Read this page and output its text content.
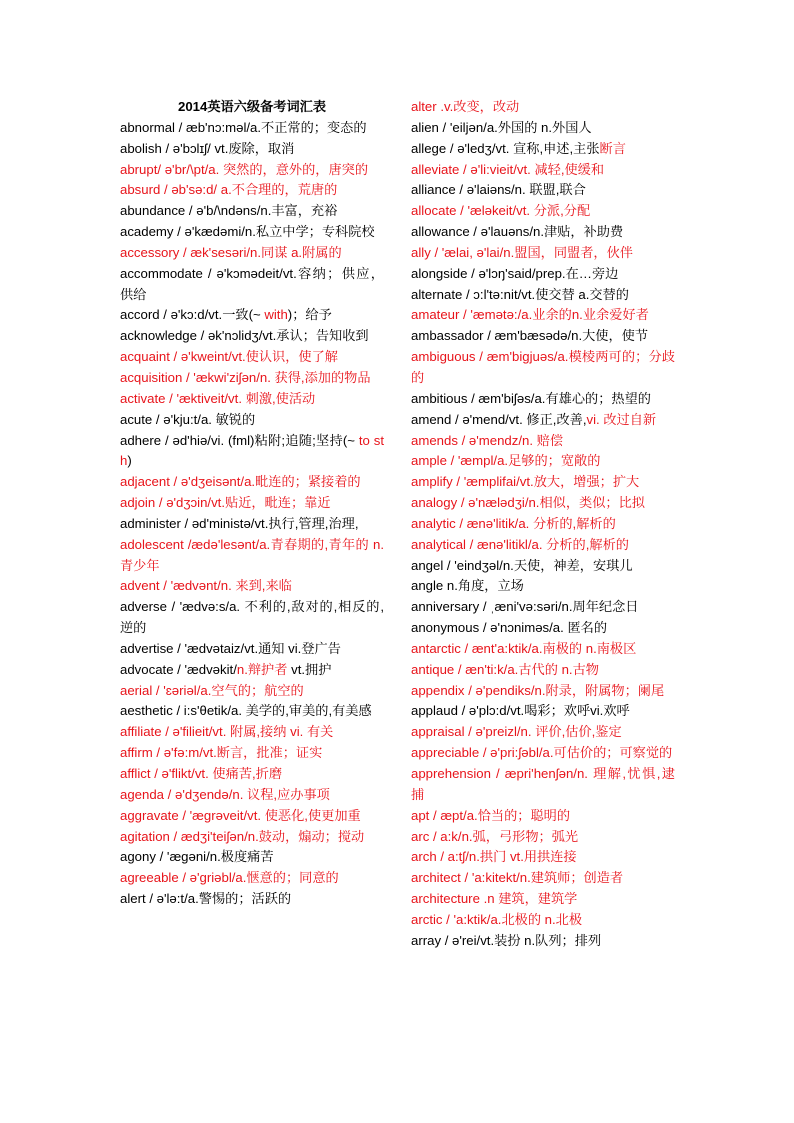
2014英语六级备考词汇表
abnormal / æb'nɔ:məl/a.不正常的；变态的
abolish / ə'bɔlɪʃ/ vt.废除，取消
abrupt/ ə'br/\pt/a. 突然的，意外的，唐突的
absurd / əb'sə:d/ a.不合理的，荒唐的
abundance / ə'b/\ndəns/n.丰富，充裕
academy / ə'kædəmi/n.私立中学；专科院校
accessory / æk'sesəri/n.同谋 a.附属的
accommodate / ə'kɔmədeit/vt.容纳；供应，供给
accord / ə'kɔ:d/vt.一致(~ with)；给予
acknowledge / ək'nɔlidʒ/vt.承认；告知收到
acquaint / ə'kweint/vt.使认识，使了解
acquisition / 'ækwi'ziʃən/n. 获得,添加的物品
activate / 'æktiveit/vt. 刺激,使活动
acute / ə'kju:t/a. 敏锐的
adhere / əd'hiə/vi. (fml)粘附;追随;坚持(~ to sth)
adjacent / ə'dʒeisənt/a.毗连的；紧接着的
adjoin / ə'dʒɔin/vt.贴近，毗连；靠近
administer / əd'ministə/vt.执行,管理,治理,
adolescent /ædə'lesənt/a.青春期的,青年的 n.青少年
advent / 'ædvənt/n. 来到,来临
adverse / 'ædvə:s/a. 不利的,敌对的,相反的,逆的
advertise / 'ædvətaiz/vt.通知 vi.登广告
advocate / 'ædvəkit/n.辩护者 vt.拥护
aerial / 'ɛəriəl/a.空气的；航空的
aesthetic / i:s'θetik/a. 美学的,审美的,有美感
affiliate / ə'filieit/vt. 附属,接纳 vi. 有关
affirm / ə'fə:m/vt.断言，批准；证实
afflict / ə'flikt/vt. 使痛苦,折磨
agenda / ə'dʒendə/n. 议程,应办事项
aggravate / 'ægrəveit/vt. 使恶化,使更加重
agitation / ædʒi'teiʃən/n.鼓动，煽动；搅动
agony / 'ægəni/n.极度痛苦
agreeable / ə'griəbl/a.惬意的；同意的
alert / ə'lə:t/a.警惕的；活跃的
alter .v.改变，改动
alien / 'eiljən/a.外国的 n.外国人
allege / ə'ledʒ/vt. 宣称,申述,主张断言
alleviate / ə'li:vieit/vt. 减轻,使缓和
alliance / ə'laiəns/n. 联盟,联合
allocate / 'æləkeit/vt. 分派,分配
allowance / ə'lauəns/n.津贴，补助费
ally / 'ælai, ə'lai/n.盟国，同盟者，伙伴
alongside / ə'lɔŋ'said/prep.在…旁边
alternate / ɔ:l'tə:nit/vt.使交替 a.交替的
amateur / 'æmətə:/a.业余的n.业余爱好者
ambassador / æm'bæsədə/n.大使，使节
ambiguous / æm'bigjuəs/a.模棱两可的；分歧的
ambitious / æm'biʃəs/a.有雄心的；热望的
amend / ə'mend/vt. 修正,改善,vi. 改过自新
amends / ə'mendz/n. 赔偿
ample / 'æmpl/a.足够的；宽敞的
amplify / 'æmplifai/vt.放大，增强；扩大
analogy / ə'nælədʒi/n.相似，类似；比拟
analytic / ænə'litik/a. 分析的,解析的
analytical / ænə'litikl/a. 分析的,解析的
angel / 'eindʒəl/n.天使，神差，安琪儿
angle n.角度，立场
anniversary / ˌæni'və:səri/n.周年纪念日
anonymous / ə'nɔniməs/a. 匿名的
antarctic / ænt'a:ktik/a.南极的 n.南极区
antique / æn'ti:k/a.古代的 n.古物
appendix / ə'pendiks/n.附录，附属物；阑尾
applaud / ə'plɔ:d/vt.喝彩；欢呼vi.欢呼
appraisal / ə'preizl/n. 评价,估价,鉴定
appreciable / ə'pri:ʃəbl/a.可估价的；可察觉的
apprehension / æpri'henʃən/n. 理解,忧惧,逮捕
apt / æpt/a.恰当的；聪明的
arc / a:k/n.弧，弓形物；弧光
arch / a:tʃ/n.拱门 vt.用拱连接
architect / 'a:kitekt/n.建筑师；创造者
architecture .n 建筑，建筑学
arctic / 'a:ktik/a.北极的 n.北极
array / ə'rei/vt.装扮 n.队列；排列
